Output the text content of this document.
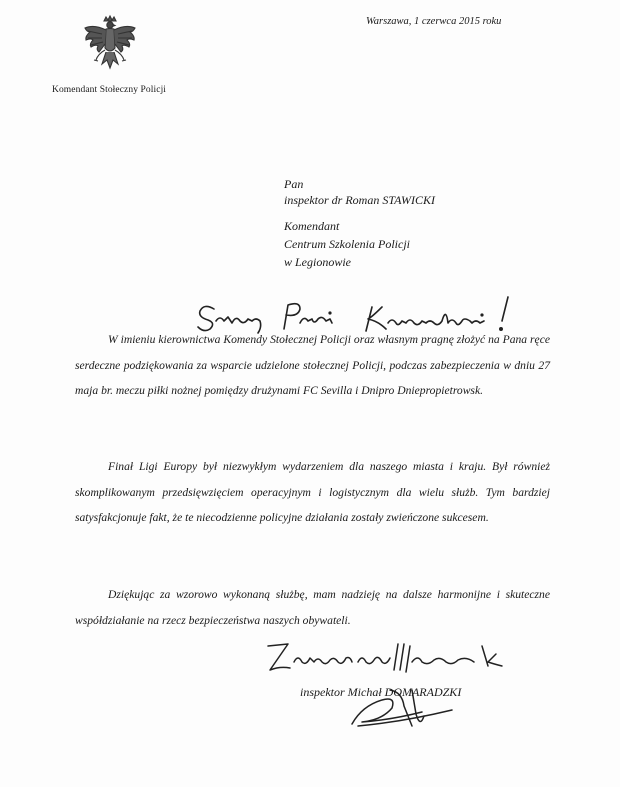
Komendant Stołeczny Policji
Warszawa, 1 czerwca 2015 roku
Pan
inspektor dr Roman STAWICKI
Komendant
Centrum Szkolenia Policji
w Legionowie

W imieniu kierownictwa Komendy Stołecznej Policji oraz własnym pragnę złożyć na Pana ręce serdeczne podziękowania za wsparcie udzielone stołecznej Policji, podczas zabezpieczenia w dniu 27 maja br. meczu piłki nożnej pomiędzy drużynami FC Sevilla i Dnipro Dniepropietrowsk.

Finał Ligi Europy był niezwykłym wydarzeniem dla naszego miasta i kraju. Był również skomplikowanym przedsięwzięciem operacyjnym i logistycznym dla wielu służb. Tym bardziej satysfakcjonuje fakt, że te niecodzienne policyjne działania zostały zwieńczone sukcesem.

Dziękując za wzorowo wykonaną służbę, mam nadzieję na dalsze harmonijne i skuteczne współdziałanie na rzecz bezpieczeństwa naszych obywateli.

inspektor Michał DOMARADZKI
